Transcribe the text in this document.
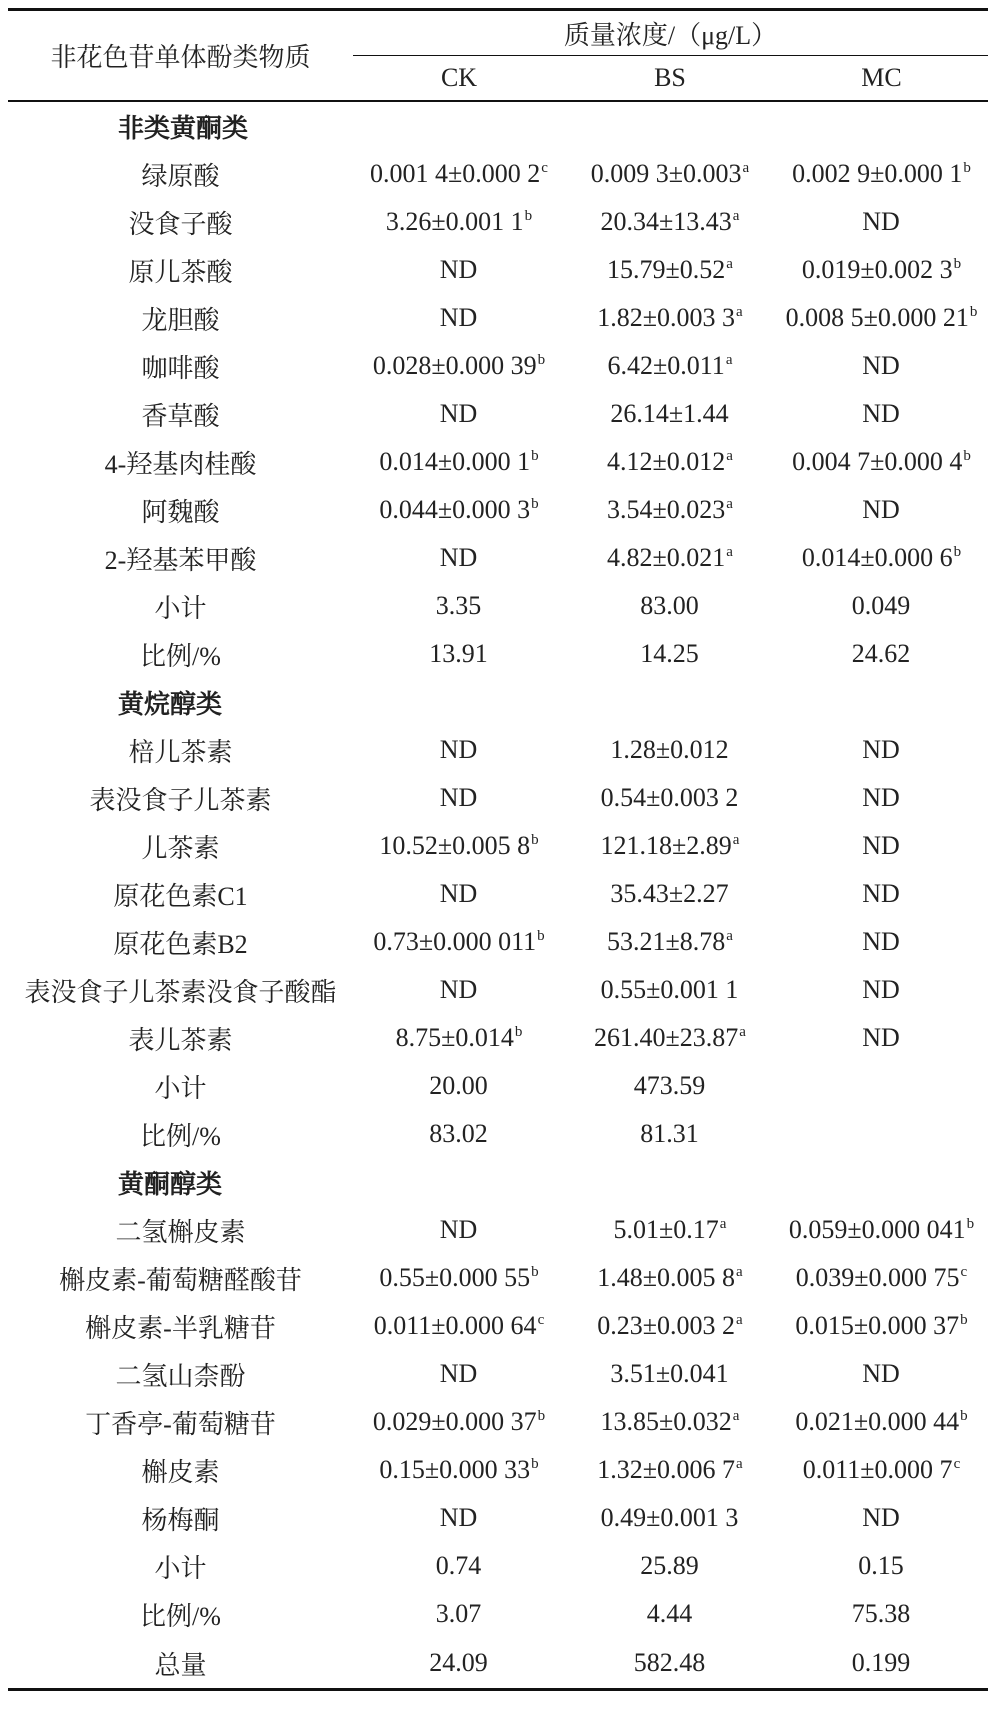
非花色苷单体酚类物质	质量浓度/（μg/L）		
	CK	BS	MC
非类黄酮类			
绿原酸	0.001 4±0.000 2$^c$	0.009 3±0.003$^a$	0.002 9±0.000 1$^b$
没食子酸	3.26±0.001 1$^b$	20.34±13.43$^a$	ND
原儿茶酸	ND	15.79±0.52$^a$	0.019±0.002 3$^b$
龙胆酸	ND	1.82±0.003 3$^a$	0.008 5±0.000 21$^b$
咖啡酸	0.028±0.000 39$^b$	6.42±0.011$^a$	ND
香草酸	ND	26.14±1.44	ND
4-羟基肉桂酸	0.014±0.000 1$^b$	4.12±0.012$^a$	0.004 7±0.000 4$^b$
阿魏酸	0.044±0.000 3$^b$	3.54±0.023$^a$	ND
2-羟基苯甲酸	ND	4.82±0.021$^a$	0.014±0.000 6$^b$
小计	3.35	83.00	0.049
比例/%	13.91	14.25	24.62
黄烷醇类			
棓儿茶素	ND	1.28±0.012	ND
表没食子儿茶素	ND	0.54±0.003 2	ND
儿茶素	10.52±0.005 8$^b$	121.18±2.89$^a$	ND
原花色素C1	ND	35.43±2.27	ND
原花色素B2	0.73±0.000 011$^b$	53.21±8.78$^a$	ND
表没食子儿茶素没食子酸酯	ND	0.55±0.001 1	ND
表儿茶素	8.75±0.014$^b$	261.40±23.87$^a$	ND
小计	20.00	473.59	
比例/%	83.02	81.31	
黄酮醇类			
二氢槲皮素	ND	5.01±0.17$^a$	0.059±0.000 041$^b$
槲皮素-葡萄糖醛酸苷	0.55±0.000 55$^b$	1.48±0.005 8$^a$	0.039±0.000 75$^c$
槲皮素-半乳糖苷	0.011±0.000 64$^c$	0.23±0.003 2$^a$	0.015±0.000 37$^b$
二氢山柰酚	ND	3.51±0.041	ND
丁香亭-葡萄糖苷	0.029±0.000 37$^b$	13.85±0.032$^a$	0.021±0.000 44$^b$
槲皮素	0.15±0.000 33$^b$	1.32±0.006 7$^a$	0.011±0.000 7$^c$
杨梅酮	ND	0.49±0.001 3	ND
小计	0.74	25.89	0.15
比例/%	3.07	4.44	75.38
总量	24.09	582.48	0.199
